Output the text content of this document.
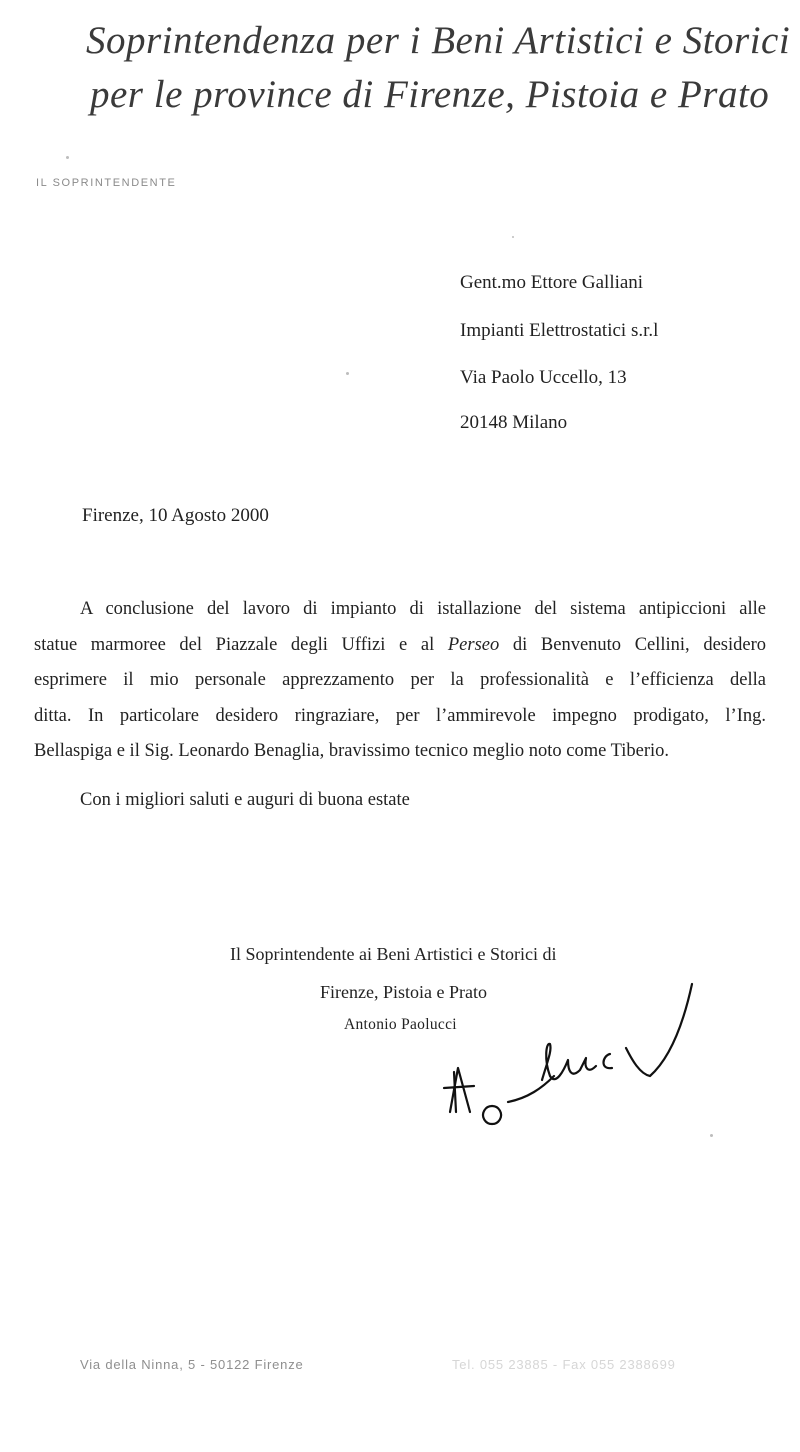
Soprintendenza per i Beni Artistici e Storici
per le province di Firenze, Pistoia e Prato
IL SOPRINTENDENTE
Gent.mo Ettore Galliani
Impianti Elettrostatici s.r.l
Via Paolo Uccello, 13
20148 Milano
Firenze, 10 Agosto 2000
A conclusione del lavoro di impianto di istallazione del sistema antipiccioni alle
statue marmoree del Piazzale degli Uffizi e al Perseo di Benvenuto Cellini, desidero
esprimere il mio personale apprezzamento per la professionalità e l’efficienza della
ditta. In particolare desidero ringraziare, per l’ammirevole impegno prodigato, l’Ing.
Bellaspiga e il Sig. Leonardo Benaglia, bravissimo tecnico meglio noto come Tiberio.
Con i migliori saluti e auguri di buona estate
Il Soprintendente ai Beni Artistici e Storici di
Firenze, Pistoia e Prato
Antonio Paolucci
Via della Ninna, 5 - 50122 Firenze	Tel. 055 23885 - Fax 055 2388699
